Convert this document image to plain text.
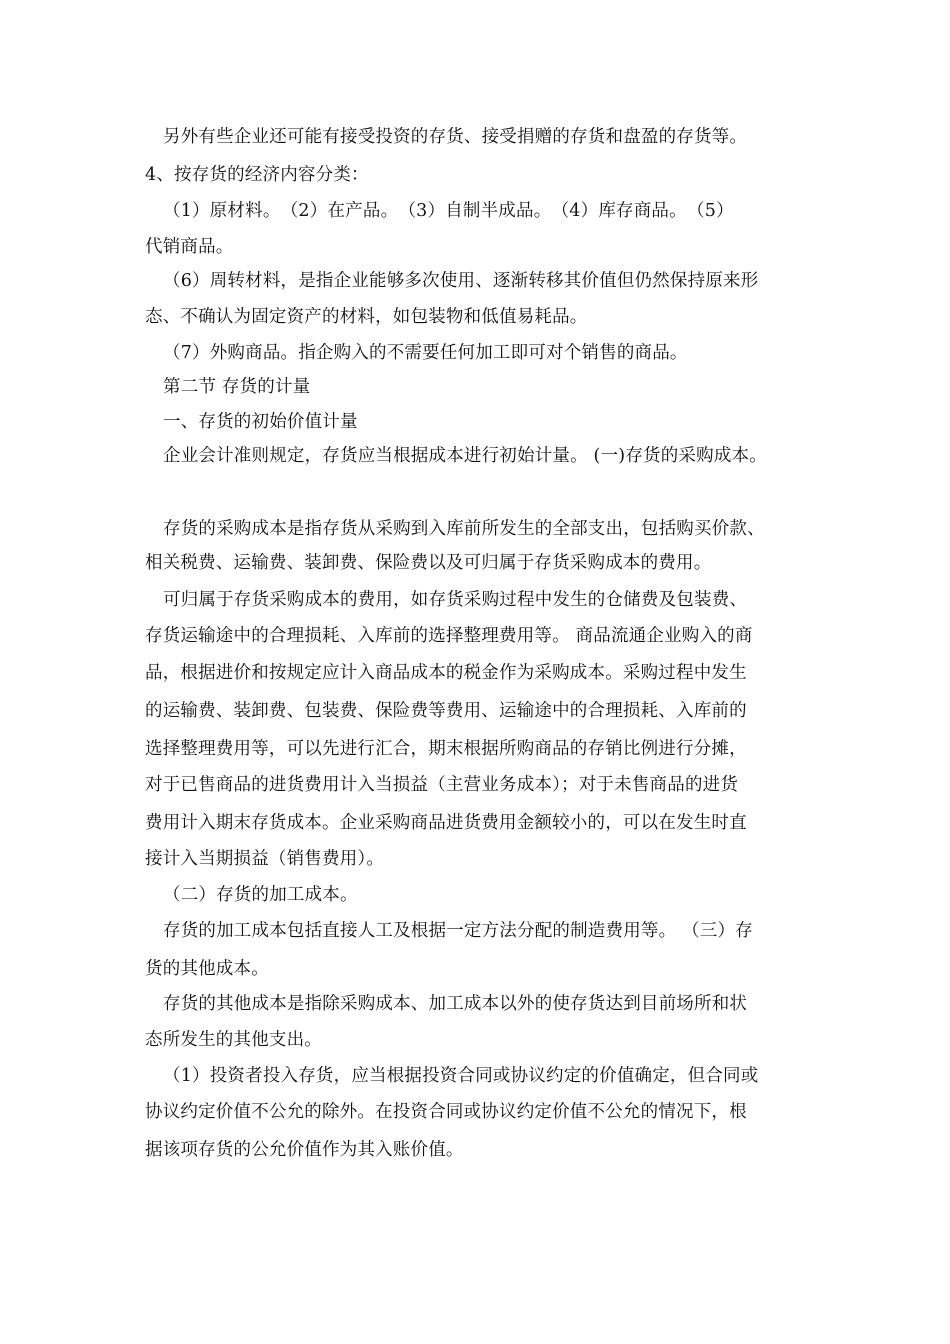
另外有些企业还可能有接受投资的存货、接受捐赠的存货和盘盈的存货等。
4、按存货的经济内容分类：
（1）原材料。　（2）在产品。　（3）自制半成品。　（4）库存商品。　（5）
代销商品。
（6）周转材料，是指企业能够多次使用、逐渐转移其价值但仍然保持原来形
态、不确认为固定资产的材料，如包装物和低值易耗品。
（7）外购商品。指企购入的不需要任何加工即可对个销售的商品。
第二节 存货的计量
一、存货的初始价值计量
企业会计准则规定，存货应当根据成本进行初始计量。 (一)存货的采购成本。
存货的采购成本是指存货从采购到入库前所发生的全部支出，包括购买价款、
相关税费、运输费、装卸费、保险费以及可归属于存货采购成本的费用。
可归属于存货采购成本的费用，如存货采购过程中发生的仓储费及包装费、
存货运输途中的合理损耗、入库前的选择整理费用等。 商品流通企业购入的商
品，根据进价和按规定应计入商品成本的税金作为采购成本。采购过程中发生
的运输费、装卸费、包装费、保险费等费用、运输途中的合理损耗、入库前的
选择整理费用等，可以先进行汇合，期末根据所购商品的存销比例进行分摊，
对于已售商品的进货费用计入当损益（主营业务成本）；对于未售商品的进货
费用计入期末存货成本。企业采购商品进货费用金额较小的，可以在发生时直
接计入当期损益（销售费用）。
（二）存货的加工成本。
存货的加工成本包括直接人工及根据一定方法分配的制造费用等。 （三）存
货的其他成本。
存货的其他成本是指除采购成本、加工成本以外的使存货达到目前场所和状
态所发生的其他支出。
（1）投资者投入存货，应当根据投资合同或协议约定的价值确定，但合同或
协议约定价值不公允的除外。在投资合同或协议约定价值不公允的情况下，根
据该项存货的公允价值作为其入账价值。
